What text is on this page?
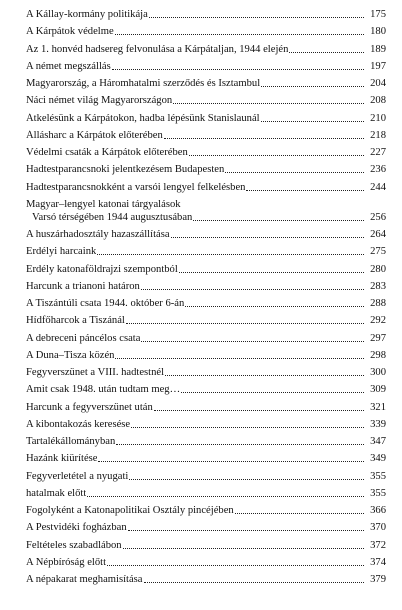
A Kállay-kormány politikája	175
A Kárpátok védelme	180
Az 1. honvéd hadsereg felvonulása a Kárpátaljan, 1944 elején	189
A német megszállás	197
Magyarország, a Háromhatalmi szerződés és Isztambul	204
Náci német világ Magyarországon	208
Átkelésünk a Kárpátokon, hadba lépésünk Stanislaunál	210
Állásharc a Kárpátok előterében	218
Védelmi csaták a Kárpátok előterében	227
Hadtestparancsnoki jelentkezésem Budapesten	236
Hadtestparancsnokként a varsói lengyel felkelésben	244
Magyar–lengyel katonai tárgyalások
Varsó térségében 1944 augusztusában	256
A huszárhadosztály hazaszállítása	264
Erdélyi harcaink	275
Erdély katonaföldrajzi szempontból	280
Harcunk a trianoni határon	283
A Tiszántúli csata 1944. október 6-án	288
Hídfőharcok a Tiszánál	292
A debreceni páncélos csata	297
A Duna–Tisza közén	298
Fegyverszünet a VIII. hadtestnél	300
Amit csak 1948. után tudtam meg…	309
Harcunk a fegyverszünet után	321
A kibontakozás keresése	339
Tartalékállományban	347
Hazánk kiürítése	349
Fegyverletétel a nyugati	355
hatalmak előtt	355
Fogolyként a Katonapolitikai Osztály pincéjében	366
A Pestvidéki fogházban	370
Feltételes szabadlábon	372
A Népbíróság előtt	374
A népakarat meghamisítása	379
